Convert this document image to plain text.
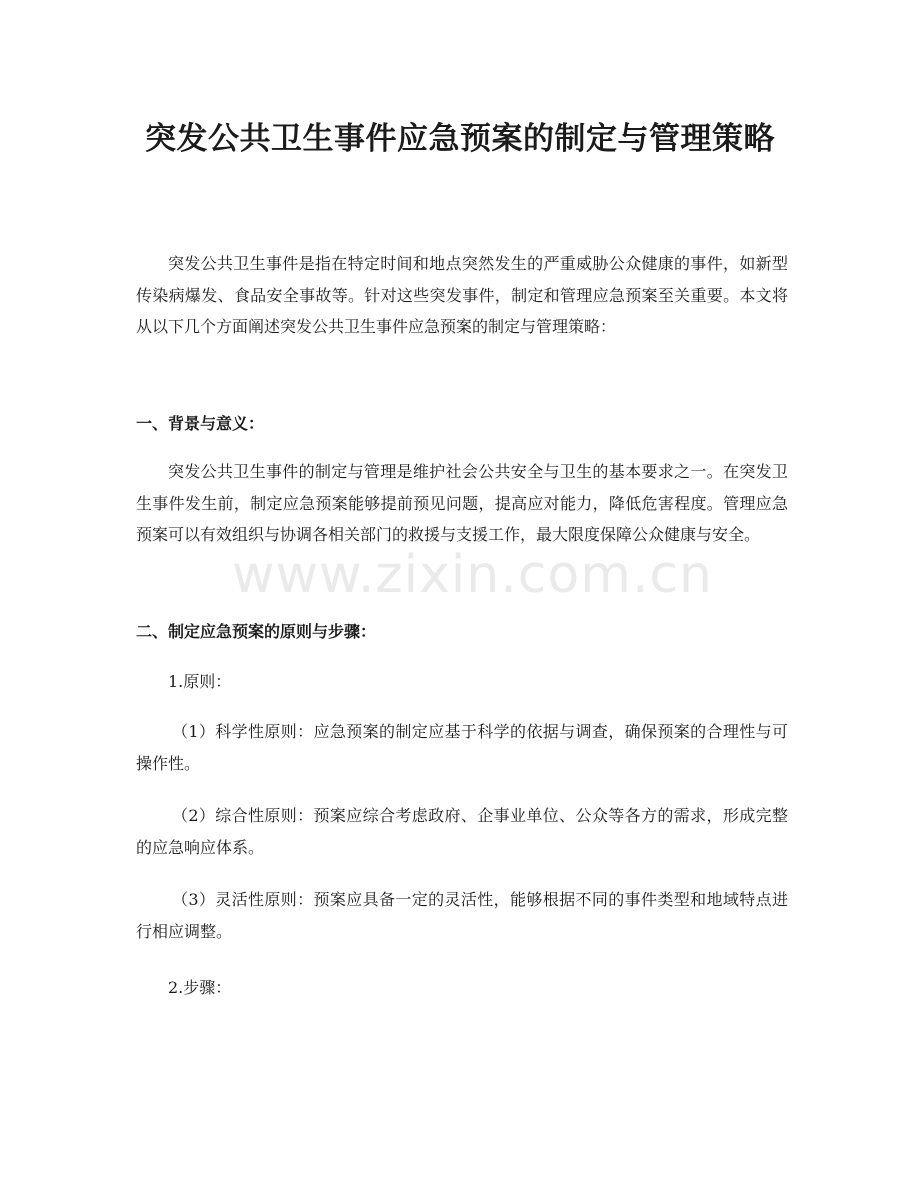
突发公共卫生事件应急预案的制定与管理策略

突发公共卫生事件是指在特定时间和地点突然发生的严重威胁公众健康的事件，如新型传染病爆发、食品安全事故等。针对这些突发事件，制定和管理应急预案至关重要。本文将从以下几个方面阐述突发公共卫生事件应急预案的制定与管理策略：

一、背景与意义：

突发公共卫生事件的制定与管理是维护社会公共安全与卫生的基本要求之一。在突发卫生事件发生前，制定应急预案能够提前预见问题，提高应对能力，降低危害程度。管理应急预案可以有效组织与协调各相关部门的救援与支援工作，最大限度保障公众健康与安全。

二、制定应急预案的原则与步骤：

1.原则：

（1）科学性原则：应急预案的制定应基于科学的依据与调查，确保预案的合理性与可操作性。

（2）综合性原则：预案应综合考虑政府、企事业单位、公众等各方的需求，形成完整的应急响应体系。

（3）灵活性原则：预案应具备一定的灵活性，能够根据不同的事件类型和地域特点进行相应调整。

2.步骤：

www.zixin.com.cn
